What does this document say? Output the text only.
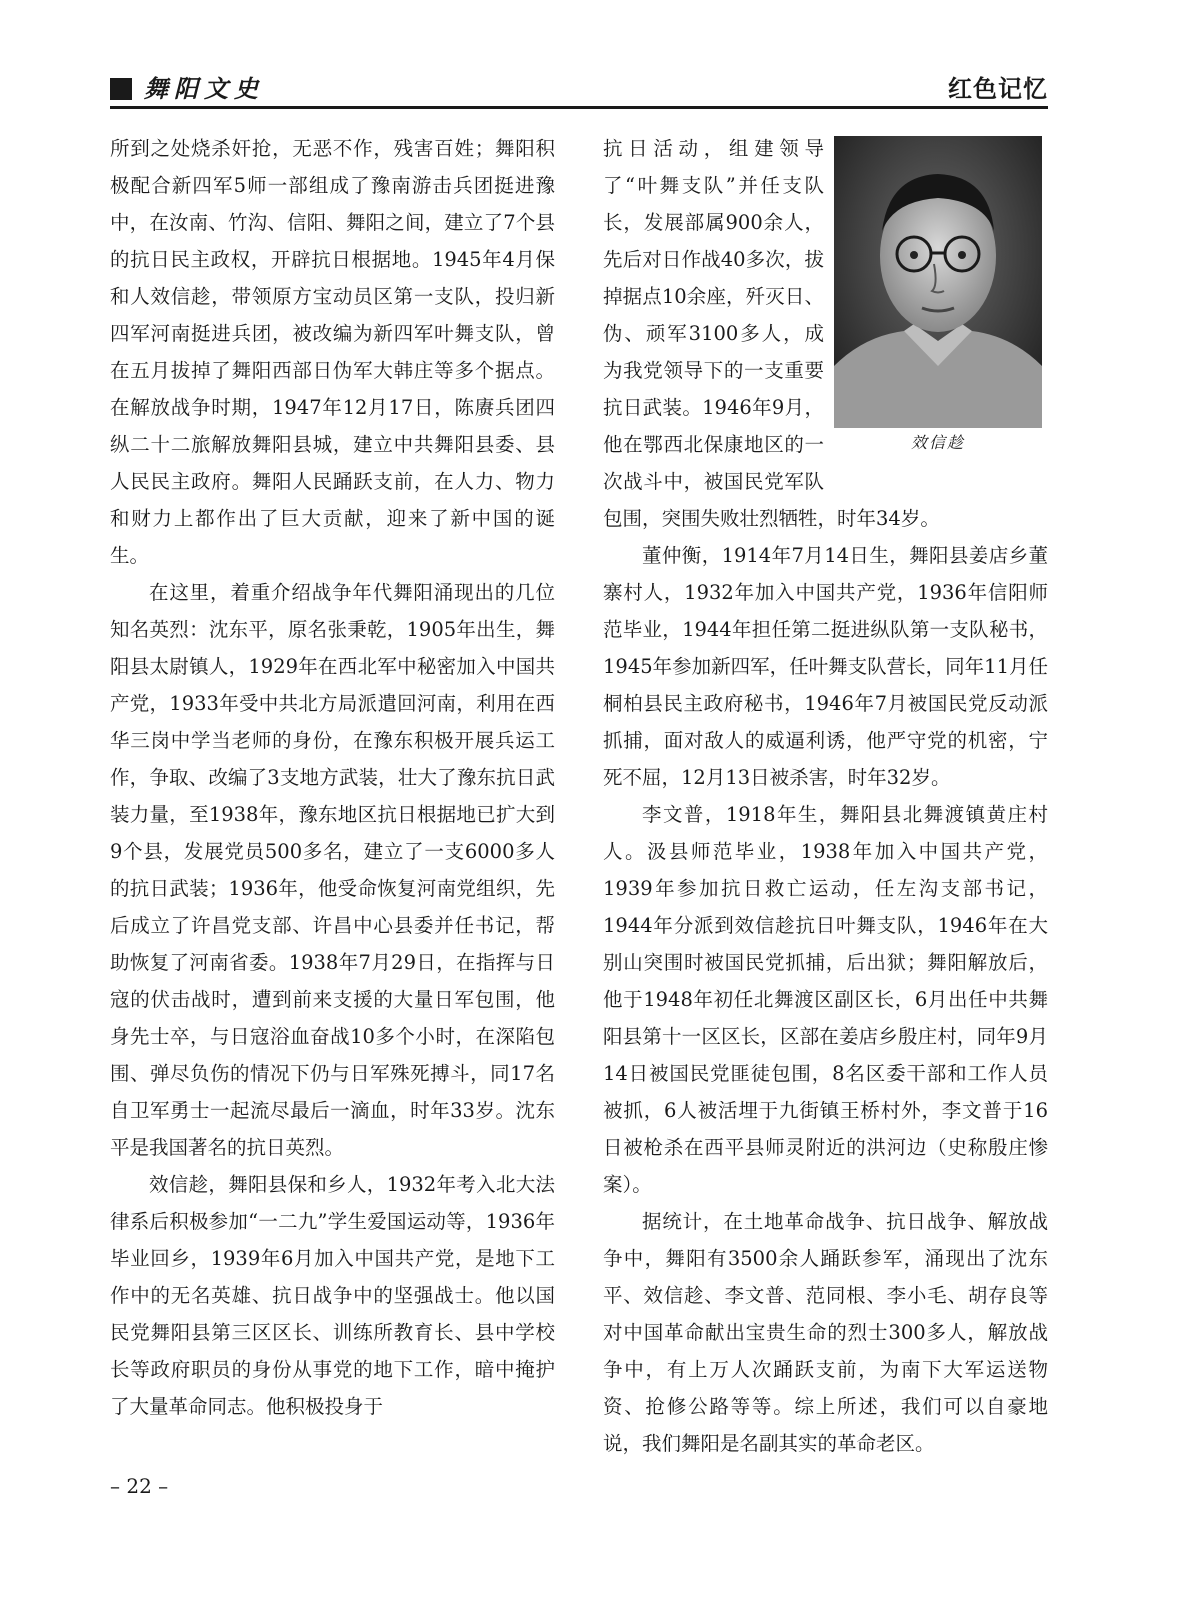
舞阳文史	红色记忆

所到之处烧杀奸抢，无恶不作，残害百姓；舞阳积极配合新四军5师一部组成了豫南游击兵团挺进豫中，在汝南、竹沟、信阳、舞阳之间，建立了7个县的抗日民主政权，开辟抗日根据地。1945年4月保和人效信趁，带领原方宝动员区第一支队，投归新四军河南挺进兵团，被改编为新四军叶舞支队，曾在五月拔掉了舞阳西部日伪军大韩庄等多个据点。在解放战争时期，1947年12月17日，陈赓兵团四纵二十二旅解放舞阳县城，建立中共舞阳县委、县人民民主政府。舞阳人民踊跃支前，在人力、物力和财力上都作出了巨大贡献，迎来了新中国的诞生。

在这里，着重介绍战争年代舞阳涌现出的几位知名英烈：沈东平，原名张秉乾，1905年出生，舞阳县太尉镇人，1929年在西北军中秘密加入中国共产党，1933年受中共北方局派遣回河南，利用在西华三岗中学当老师的身份，在豫东积极开展兵运工作，争取、改编了3支地方武装，壮大了豫东抗日武装力量，至1938年，豫东地区抗日根据地已扩大到9个县，发展党员500多名，建立了一支6000多人的抗日武装；1936年，他受命恢复河南党组织，先后成立了许昌党支部、许昌中心县委并任书记，帮助恢复了河南省委。1938年7月29日，在指挥与日寇的伏击战时，遭到前来支援的大量日军包围，他身先士卒，与日寇浴血奋战10多个小时，在深陷包围、弹尽负伤的情况下仍与日军殊死搏斗，同17名自卫军勇士一起流尽最后一滴血，时年33岁。沈东平是我国著名的抗日英烈。

效信趁，舞阳县保和乡人，1932年考入北大法律系后积极参加“一二九”学生爱国运动等，1936年毕业回乡，1939年6月加入中国共产党，是地下工作中的无名英雄、抗日战争中的坚强战士。他以国民党舞阳县第三区区长、训练所教育长、县中学校长等政府职员的身份从事党的地下工作，暗中掩护了大量革命同志。他积极投身于

效信趁

抗日活动，组建领导了“叶舞支队”并任支队长，发展部属900余人，先后对日作战40多次，拔掉据点10余座，歼灭日、伪、顽军3100多人，成为我党领导下的一支重要抗日武装。1946年9月，他在鄂西北保康地区的一次战斗中，被国民党军队包围，突围失败壮烈牺牲，时年34岁。

董仲衡，1914年7月14日生，舞阳县姜店乡董寨村人，1932年加入中国共产党，1936年信阳师范毕业，1944年担任第二挺进纵队第一支队秘书，1945年参加新四军，任叶舞支队营长，同年11月任桐柏县民主政府秘书，1946年7月被国民党反动派抓捕，面对敌人的威逼利诱，他严守党的机密，宁死不屈，12月13日被杀害，时年32岁。

李文普，1918年生，舞阳县北舞渡镇黄庄村人。汲县师范毕业，1938年加入中国共产党，1939年参加抗日救亡运动，任左沟支部书记，1944年分派到效信趁抗日叶舞支队，1946年在大别山突围时被国民党抓捕，后出狱；舞阳解放后，他于1948年初任北舞渡区副区长，6月出任中共舞阳县第十一区区长，区部在姜店乡殷庄村，同年9月14日被国民党匪徒包围，8名区委干部和工作人员被抓，6人被活埋于九街镇王桥村外，李文普于16日被枪杀在西平县师灵附近的洪河边（史称殷庄惨案）。

据统计，在土地革命战争、抗日战争、解放战争中，舞阳有3500余人踊跃参军，涌现出了沈东平、效信趁、李文普、范同根、李小毛、胡存良等对中国革命献出宝贵生命的烈士300多人，解放战争中，有上万人次踊跃支前，为南下大军运送物资、抢修公路等等。综上所述，我们可以自豪地说，我们舞阳是名副其实的革命老区。

– 22 –
